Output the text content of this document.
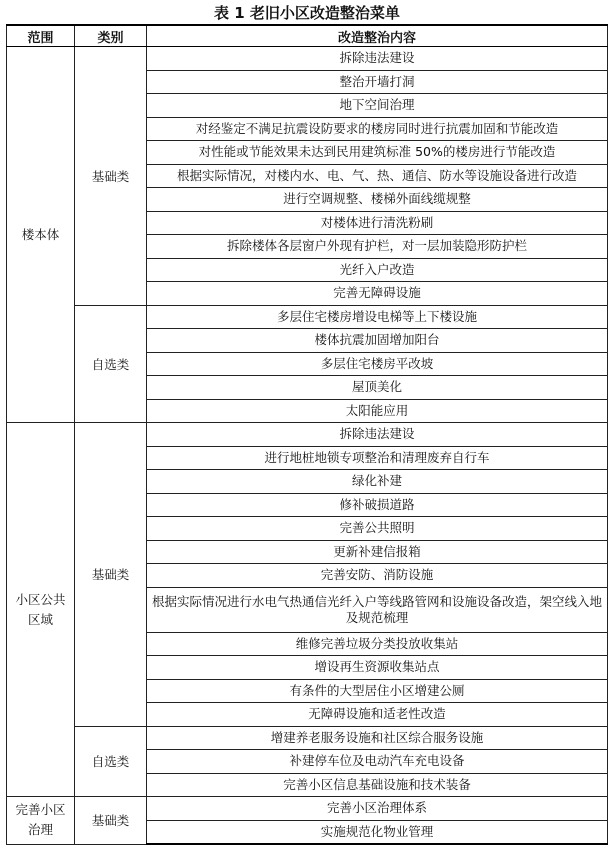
表 1 老旧小区改造整治菜单
范围	类别	改造整治内容
楼本体	基础类	拆除违法建设
		整治开墙打洞
		地下空间治理
		对经鉴定不满足抗震设防要求的楼房同时进行抗震加固和节能改造
		对性能或节能效果未达到民用建筑标准 50%的楼房进行节能改造
		根据实际情况，对楼内水、电、气、热、通信、防水等设施设备进行改造
		进行空调规整、楼梯外面线缆规整
		对楼体进行清洗粉刷
		拆除楼体各层窗户外现有护栏，对一层加装隐形防护栏
		光纤入户改造
		完善无障碍设施
	自选类	多层住宅楼房增设电梯等上下楼设施
		楼体抗震加固增加阳台
		多层住宅楼房平改坡
		屋顶美化
		太阳能应用
小区公共区域	基础类	拆除违法建设
		进行地桩地锁专项整治和清理废弃自行车
		绿化补建
		修补破损道路
		完善公共照明
		更新补建信报箱
		完善安防、消防设施
		根据实际情况进行水电气热通信光纤入户等线路管网和设施设备改造，架空线入地及规范梳理
		维修完善垃圾分类投放收集站
		增设再生资源收集站点
		有条件的大型居住小区增建公厕
		无障碍设施和适老性改造
	自选类	增建养老服务设施和社区综合服务设施
		补建停车位及电动汽车充电设备
		完善小区信息基础设施和技术装备
完善小区治理	基础类	完善小区治理体系
		实施规范化物业管理
